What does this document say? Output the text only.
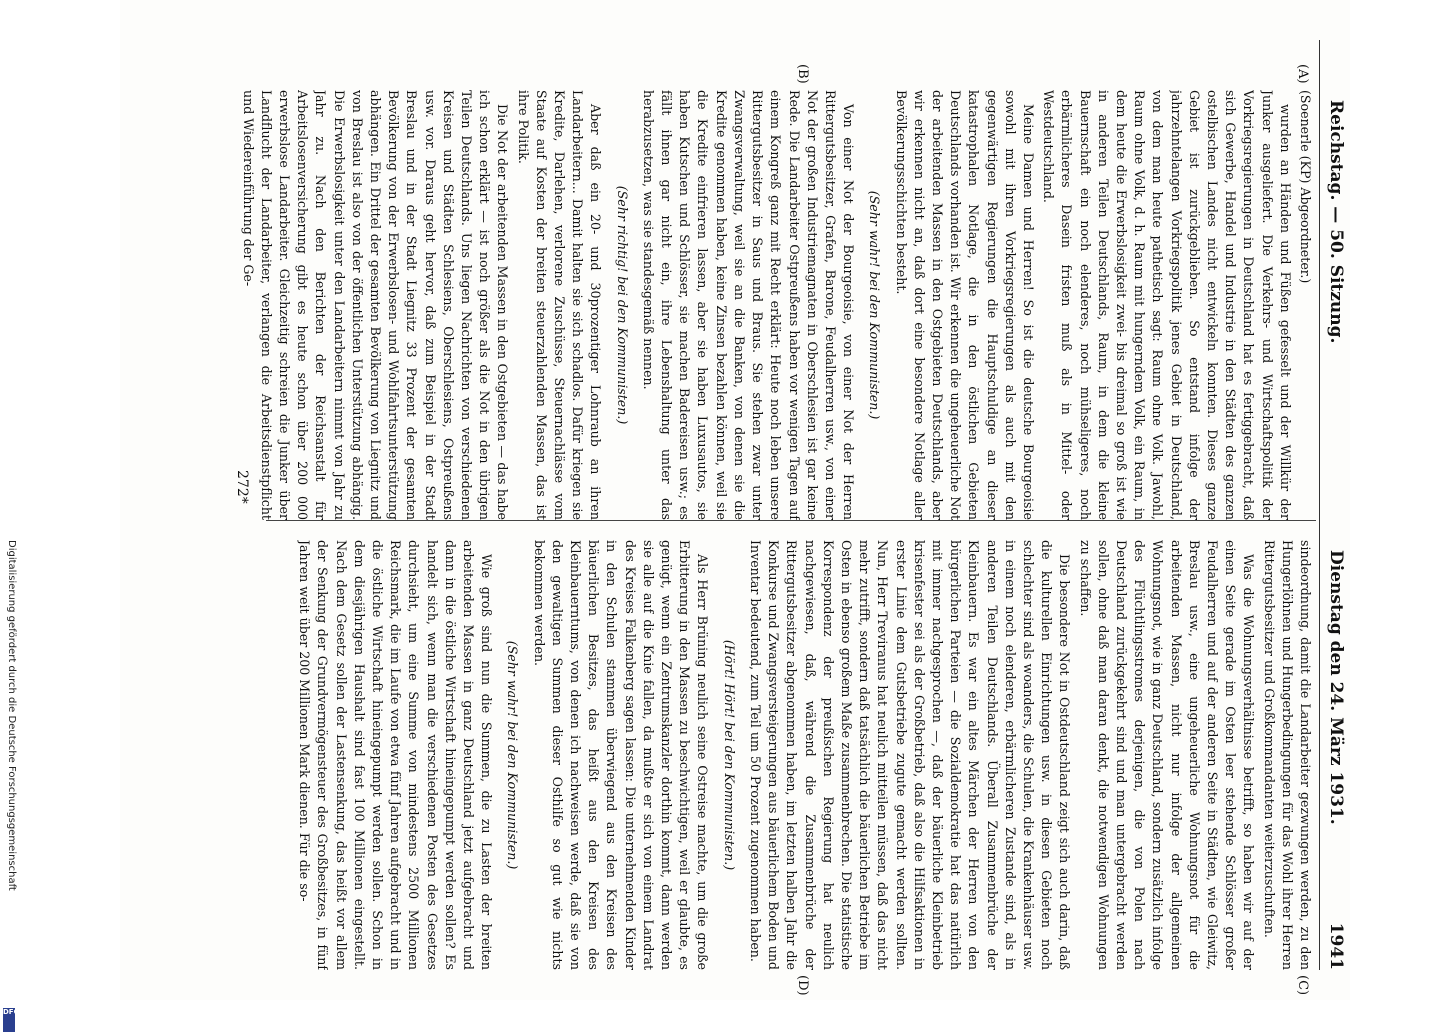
Reichstag. — 50. Sitzung.
Dienstag den 24. März 1931.
1941
(A)
(B)
(C)
(D)

(Soenerle (KP) Abgeordneter.)

wurden an Händen und Füßen gefesselt und der Willkür der Junker ausgeliefert. Die Verkehrs- und Wirtschaftspolitik der Vorkriegsregierungen in Deutschland hat es fertiggebracht, daß sich Gewerbe, Handel und Industrie in den Städten des ganzen ostelbischen Landes nicht entwickeln konnten. Dieses ganze Gebiet ist zurückgeblieben. So entstand infolge der jahrzehntelangen Vorkriegspolitik jenes Gebiet in Deutschland, von dem man heute pathetisch sagt: Raum ohne Volk. Jawohl, Raum ohne Volk, d. h. Raum mit hungerndem Volk, ein Raum, in dem heute die Erwerbslosigkeit zwei- bis dreimal so groß ist wie in anderen Teilen Deutschlands, Raum, in dem die kleine Bauernschaft ein noch elenderes, noch mühseligeres, noch erbärmlicheres Dasein fristen muß als in Mittel- oder Westdeutschland.

Meine Damen und Herren! So ist die deutsche Bourgeoisie sowohl mit ihren Vorkriegsregierungen als auch mit den gegenwärtigen Regierungen die Hauptschuldige an dieser katastrophalen Notlage, die in den östlichen Gebieten Deutschlands vorhanden ist. Wir erkennen die ungeheuerliche Not der arbeitenden Massen in den Ostgebieten Deutschlands, aber wir erkennen nicht an, daß dort eine besondere Notlage aller Bevölkerungsschichten besteht.

(Sehr wahr! bei den Kommunisten.)

Von einer Not der Bourgeoisie, von einer Not der Herren Rittergutsbesitzer, Grafen, Barone, Feudalherren usw., von einer Not der großen Industriemagnaten in Oberschlesien ist gar keine Rede. Die Landarbeiter Ostpreußens haben vor wenigen Tagen auf einem Kongreß ganz mit Recht erklärt: Heute noch leben unsere Rittergutsbesitzer in Saus und Braus. Sie stehen zwar unter Zwangsverwaltung, weil sie an die Banken, von denen sie die Kredite genommen haben, keine Zinsen bezahlen können, weil sie die Kredite einfrieren lassen, aber sie haben Luxusautos, sie haben Kutschen und Schlösser, sie machen Badereisen usw.; es fällt ihnen gar nicht ein, ihre Lebenshaltung unter das herabzusetzen, was sie standesgemäß nennen.

(Sehr richtig! bei den Kommunisten.)

Aber daß ein 20- und 30prozentiger Lohnraub an ihren Landarbeitern... Damit halten sie sich schadlos. Dafür kriegen sie Kredite, Darlehen, verlorene Zuschüsse, Steuernachlässe vom Staate auf Kosten der breiten steuerzahlenden Massen, das ist ihre Politik.

Die Not der arbeitenden Massen in den Ostgebieten — das habe ich schon erklärt — ist noch größer als die Not in den übrigen Teilen Deutschlands. Uns liegen Nachrichten von verschiedenen Kreisen und Städten Schlesiens, Oberschlesiens, Ostpreußens usw. vor. Daraus geht hervor, daß zum Beispiel in der Stadt Breslau und in der Stadt Liegnitz 33 Prozent der gesamten Bevölkerung von der Erwerbslosen- und Wohlfahrtsunterstützung abhängen. Ein Drittel der gesamten Bevölkerung von Liegnitz und von Breslau ist also von der öffentlichen Unterstützung abhängig. Die Erwerbslosigkeit unter den Landarbeitern nimmt von Jahr zu Jahr zu. Nach den Berichten der Reichsanstalt für Arbeitslosenversicherung gibt es heute schon über 200 000 erwerbslose Landarbeiter. Gleichzeitig schreien die Junker über Landflucht der Landarbeiter, verlangen die Arbeitsdienstpflicht und Wiedereinführung der Ge-

sindeordnung, damit die Landarbeiter gezwungen werden, zu den Hungerlöhnen und Hungerbedingungen für das Wohl ihrer Herren Rittergutsbesitzer und Großkommandanten weiterzuschuften.

Was die Wohnungsverhältnisse betrifft, so haben wir auf der einen Seite gerade im Osten leer stehende Schlösser großer Feudalherren und auf der anderen Seite in Städten, wie Gleiwitz, Breslau usw., eine ungeheuerliche Wohnungsnot für die arbeitenden Massen, nicht nur infolge der allgemeinen Wohnungsnot, wie in ganz Deutschland, sondern zusätzlich infolge des Flüchtlingsstromes derjenigen, die von Polen nach Deutschland zurückgekehrt sind und man untergebracht werden sollen, ohne daß man daran denkt, die notwendigen Wohnungen zu schaffen.

Die besondere Not in Ostdeutschland zeigt sich auch darin, daß die kulturellen Einrichtungen usw. in diesen Gebieten noch schlechter sind als woanders, die Schulen, die Krankenhäuser usw. in einem noch elenderen, erbärmlicheren Zustande sind, als in anderen Teilen Deutschlands. Überall Zusammenbrüche der Kleinbauern. Es war ein altes Märchen der Herren von den bürgerlichen Parteien — die Sozialdemokratie hat das natürlich mit immer nachgesprochen —, daß der bäuerliche Kleinbetrieb krisenfester sei als der Großbetrieb, daß also die Hilfsaktionen in erster Linie dem Gutsbetriebe zugute gemacht werden sollten. Nun, Herr Treviranus hat neulich mitteilen müssen, daß das nicht mehr zutrifft, sondern daß tatsächlich die bäuerlichen Betriebe im Osten in ebenso großem Maße zusammenbrechen. Die statistische Korrespondenz der preußischen Regierung hat neulich nachgewiesen, daß, während die Zusammenbrüche der Rittergutsbesitzer abgenommen haben, im letzten halben Jahr die Konkurse und Zwangsversteigerungen aus bäuerlichem Boden und Inventar bedeutend, zum Teil um 50 Prozent zugenommen haben.

(Hört! Hört! bei den Kommunisten.)

Als Herr Brüning neulich seine Ostreise machte, um die große Erbitterung in den Massen zu beschwichtigen, weil er glaubte, es genügt, wenn ein Zentrumskanzler dorthin kommt, dann werden sie alle auf die Knie fallen, da mußte er sich von einem Landrat des Kreises Falkenberg sagen lassen: Die unternehmenden Kinder in den Schulen stammen überwiegend aus den Kreisen des bäuerlichen Besitzes, das heißt aus den Kreisen des Kleinbauerntums, von denen ich nachweisen werde, daß sie von den gewaltigen Summen dieser Osthilfe so gut wie nichts bekommen werden.

(Sehr wahr! bei den Kommunisten.)

Wie groß sind nun die Summen, die zu Lasten der breiten arbeitenden Massen in ganz Deutschland jetzt aufgebracht und dann in die östliche Wirtschaft hineingepumpt werden sollen? Es handelt sich, wenn man die verschiedenen Posten des Gesetzes durchsieht, um eine Summe von mindestens 2500 Millionen Reichsmark, die im Laufe von etwa fünf Jahren aufgebracht und in die östliche Wirtschaft hineingepumpt werden sollen. Schon in dem diesjährigen Haushalt sind fast 100 Millionen eingestellt. Nach dem Gesetz sollen der Lastensenkung, das heißt vor allem der Senkung der Grundvermögensteuer des Großbesitzes, in fünf Jahren weit über 200 Millionen Mark dienen. Für die so-

272*
Digitalisierung gefördert durch die Deutsche Forschungsgemeinschaft
DFG
